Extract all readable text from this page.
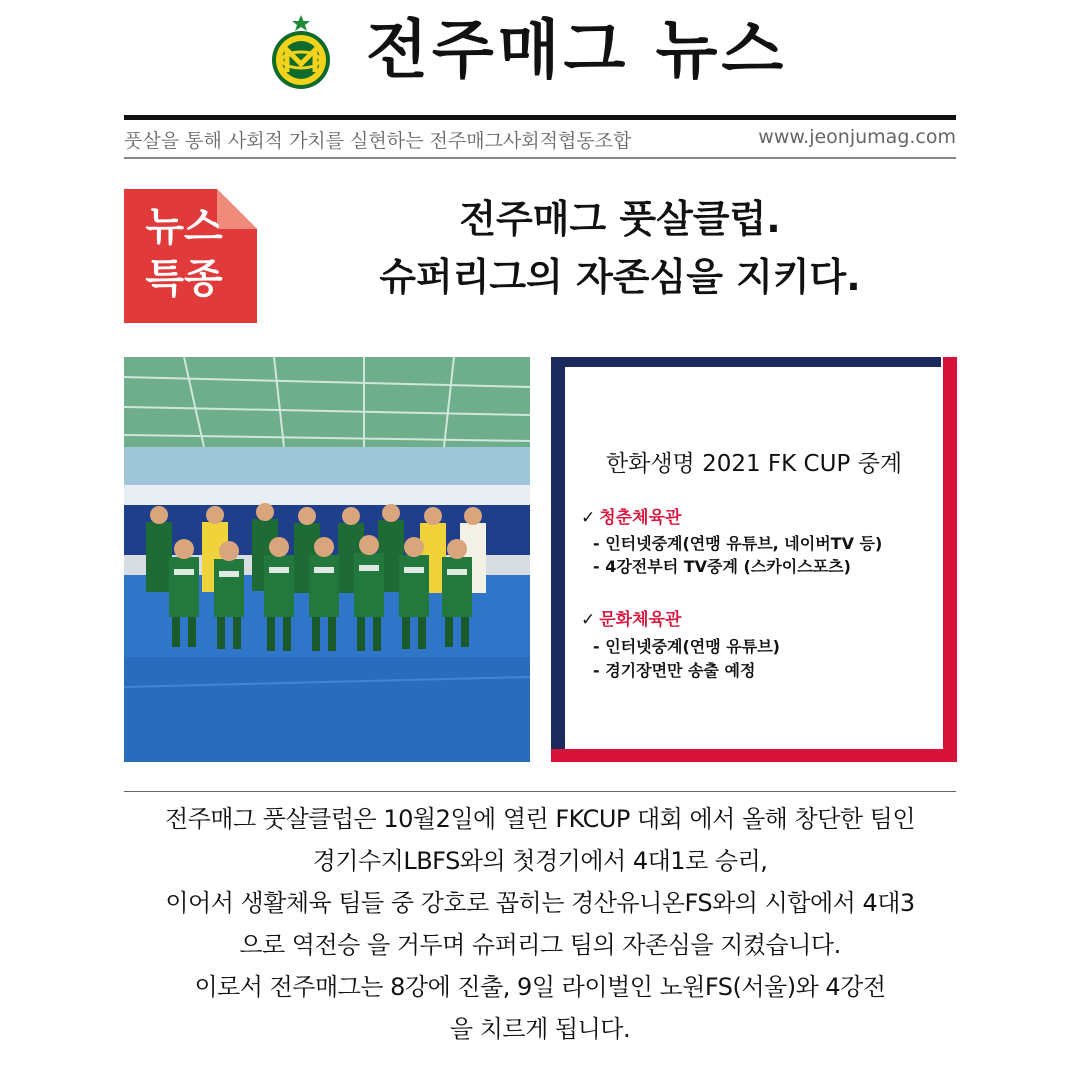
전주매그 뉴스
풋살을 통해 사회적 가치를 실현하는 전주매그사회적협동조합	www.jeonjumag.com
뉴스
특종
전주매그 풋살클럽.
슈퍼리그의 자존심을 지키다.
한화생명 2021 FK CUP 중계
✓ 청춘체육관
- 인터넷중계(연맹 유튜브, 네이버TV 등)
- 4강전부터 TV중계 (스카이스포츠)
✓ 문화체육관
- 인터넷중계(연맹 유튜브)
- 경기장면만 송출 예정
전주매그 풋살클럽은 10월2일에 열린 FKCUP 대회 에서 올해 창단한 팀인
경기수지LBFS와의 첫경기에서 4대1로 승리,
이어서 생활체육 팀들 중 강호로 꼽히는 경산유니온FS와의 시합에서 4대3
으로 역전승 을 거두며 슈퍼리그 팀의 자존심을 지켰습니다.
이로서 전주매그는 8강에 진출, 9일 라이벌인 노원FS(서울)와 4강전
을 치르게 됩니다.
